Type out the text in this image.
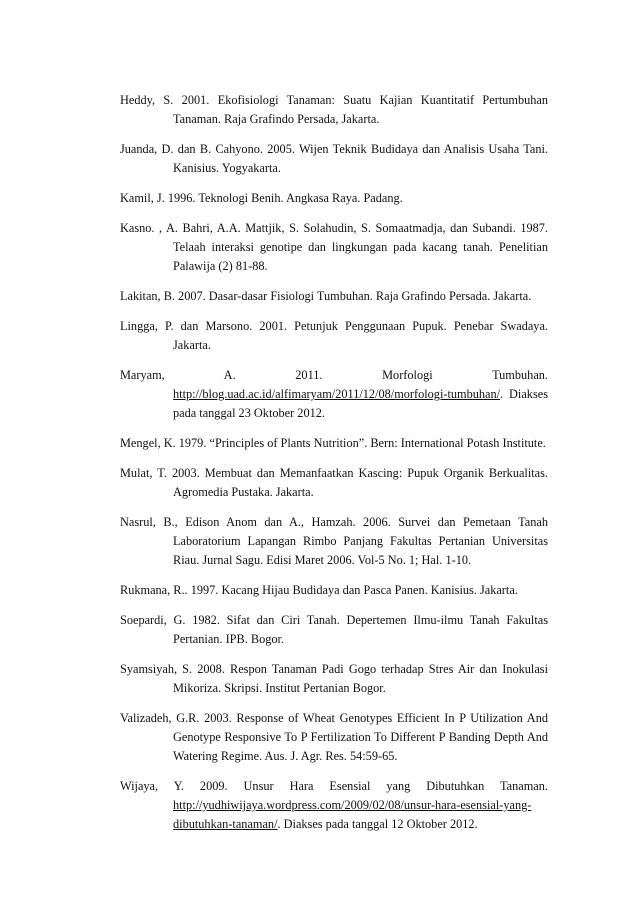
Heddy, S. 2001. Ekofisiologi Tanaman: Suatu Kajian Kuantitatif Pertumbuhan Tanaman. Raja Grafindo Persada, Jakarta.

Juanda, D. dan B. Cahyono. 2005. Wijen Teknik Budidaya dan Analisis Usaha Tani. Kanisius. Yogyakarta.

Kamil, J. 1996. Teknologi Benih. Angkasa Raya. Padang.

Kasno. , A. Bahri, A.A. Mattjik, S. Solahudin, S. Somaatmadja, dan Subandi. 1987. Telaah interaksi genotipe dan lingkungan pada kacang tanah. Penelitian Palawija (2) 81-88.

Lakitan, B. 2007. Dasar-dasar Fisiologi Tumbuhan. Raja Grafindo Persada. Jakarta.

Lingga, P. dan Marsono. 2001. Petunjuk Penggunaan Pupuk. Penebar Swadaya. Jakarta.

Maryam, A. 2011. Morfologi Tumbuhan. http://blog.uad.ac.id/alfimaryam/2011/12/08/morfologi-tumbuhan/. Diakses pada tanggal 23 Oktober 2012.

Mengel, K. 1979. “Principles of Plants Nutrition”. Bern: International Potash Institute.

Mulat, T. 2003. Membuat dan Memanfaatkan Kascing: Pupuk Organik Berkualitas. Agromedia Pustaka. Jakarta.

Nasrul, B., Edison Anom dan A., Hamzah. 2006. Survei dan Pemetaan Tanah Laboratorium Lapangan Rimbo Panjang Fakultas Pertanian Universitas Riau. Jurnal Sagu. Edisi Maret 2006. Vol-5 No. 1; Hal. 1-10.

Rukmana, R.. 1997. Kacang Hijau Budidaya dan Pasca Panen. Kanisius. Jakarta.

Soepardi, G. 1982. Sifat dan Ciri Tanah. Depertemen Ilmu-ilmu Tanah Fakultas Pertanian. IPB. Bogor.

Syamsiyah, S. 2008. Respon Tanaman Padi Gogo terhadap Stres Air dan Inokulasi Mikoriza. Skripsi. Institut Pertanian Bogor.

Valizadeh, G.R. 2003. Response of Wheat Genotypes Efficient In P Utilization And Genotype Responsive To P Fertilization To Different P Banding Depth And Watering Regime. Aus. J. Agr. Res. 54:59-65.

Wijaya, Y. 2009. Unsur Hara Esensial yang Dibutuhkan Tanaman. http://yudhiwijaya.wordpress.com/2009/02/08/unsur-hara-esensial-yang-dibutuhkan-tanaman/. Diakses pada tanggal 12 Oktober 2012.
